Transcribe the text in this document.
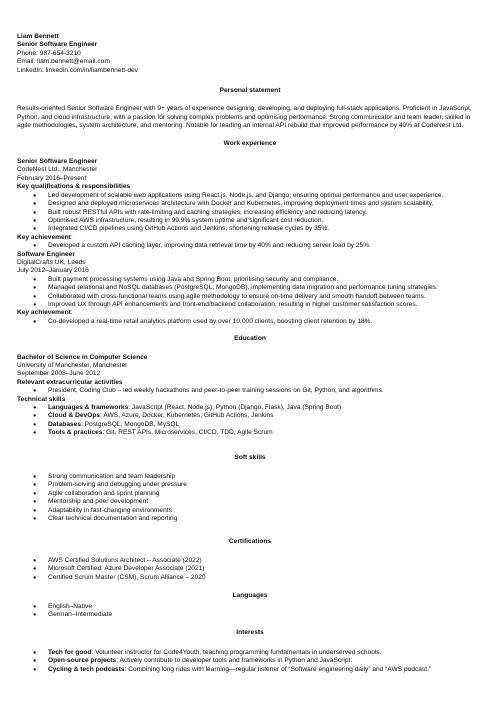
Liam Bennett
Senior Software Engineer
Phone: 987-654-3210
Email: liam.bennett@email.com
LinkedIn: linkedin.com/in/liambennett-dev
Personal statement
Results-oriented Senior Software Engineer with 9+ years of experience designing, developing, and deploying full-stack applications. Proficient in JavaScript,
Python, and cloud infrastructure, with a passion for solving complex problems and optimising performance. Strong communicator and team leader, skilled in
agile methodologies, system architecture, and mentoring. Notable for leading an internal API rebuild that improved performance by 40% at CodeNest Ltd.
Work experience
Senior Software Engineer
CodeNest Ltd., Manchester
February 2016–Present
Key qualifications & responsibilities
● Led development of scalable web applications using React.js, Node.js, and Django, ensuring optimal performance and user experience.
● Designed and deployed microservices architecture with Docker and Kubernetes, improving deployment times and system scalability.
● Built robust RESTful APIs with rate-limiting and caching strategies, increasing efficiency and reducing latency.
● Optimised AWS infrastructure, resulting in 99.9% system uptime and significant cost reduction.
● Integrated CI/CD pipelines using GitHub Actions and Jenkins, shortening release cycles by 35%.
Key achievement:
● Developed a custom API caching layer, improving data retrieval time by 40% and reducing server load by 25%.
Software Engineer
DigitalCrafts UK, Leeds
July 2012–January 2016
● Built payment processing systems using Java and Spring Boot, prioritising security and compliance.
● Managed relational and NoSQL databases (PostgreSQL, MongoDB), implementing data migration and performance tuning strategies.
● Collaborated with cross-functional teams using agile methodology to ensure on-time delivery and smooth handoff between teams.
● Improved UX through API enhancements and front-end/backend collaboration, resulting in higher customer satisfaction scores.
Key achievement:
● Co-developed a real-time retail analytics platform used by over 10,000 clients, boosting client retention by 18%.
Education
Bachelor of Science in Computer Science
University of Manchester, Manchester
September 2008–June 2012
Relevant extracurricular activities
● President, Coding Club – led weekly hackathons and peer-to-peer training sessions on Git, Python, and algorithms.
Technical skills
● Languages & frameworks: JavaScript (React, Node.js), Python (Django, Flask), Java (Spring Boot)
● Cloud & DevOps: AWS, Azure, Docker, Kubernetes, GitHub Actions, Jenkins
● Databases: PostgreSQL, MongoDB, MySQL
● Tools & practices: Git, REST APIs, Microservices, CI/CD, TDD, Agile Scrum
Soft skills
● Strong communication and team leadership
● Problem-solving and debugging under pressure
● Agile collaboration and sprint planning
● Mentorship and peer development
● Adaptability in fast-changing environments
● Clear technical documentation and reporting
Certifications
● AWS Certified Solutions Architect – Associate (2022)
● Microsoft Certified: Azure Developer Associate (2021)
● Certified Scrum Master (CSM), Scrum Alliance – 2020
Languages
● English–Native
● German–Intermediate
Interests
● Tech for good: Volunteer instructor for Code4Youth, teaching programming fundamentals in underserved schools.
● Open-source projects: Actively contribute to developer tools and frameworks in Python and JavaScript.
● Cycling & tech podcasts: Combining long rides with learning—regular listener of “Software engineering daily” and “AWS podcast.”
